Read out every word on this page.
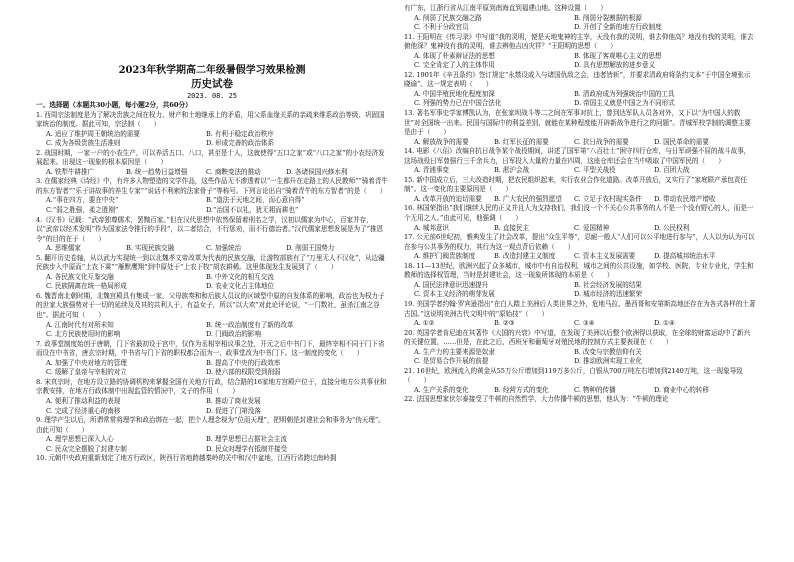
2023年秋学期高二年级暑假学习效果检测
历史试卷
2023. 08. 25
一、选择题（本题共30小题，每小题2分，共60分）
1. 西周宗法制度是为了解决贵族之间在权力、财产和土地继承上的矛盾，用父系血缘关系的亲疏来维系政治等级、巩固国家统治的制度。据此可知，宗法制（　　）
A. 适应了维护周王朝统治的需要	B. 有利于稳定政治秩序
C. 成为各级贵族生活准则	D. 形成完善的政治体系
2. 战国时期，一家一户的小农生产，可以养活五口、八口，甚至是十人，这就使得“五口之家”或“八口之家”的小农经济发展起来。出现这一现象的根本原因是（　　）
A. 铁犁牛耕推广	B. 统一趋势日益增强	C. 商鞅变法的推动	D. 各诸侯国兴修水利
3. 在儒家经典《诗经》中，有许多人物塑造的文学作品，这些作品无不渗透着以“一生都升在走路上的人民教师”“骑着青牛的东方智者”“乐于讲故事的养生专家”“说话不利索的法家骨子”等称号。下列言论出自“骑着青牛的东方智者”的是（　　）
A.“事在四方，要在中央”	B.“道法于天地之间，而心意自得”
C.“弱之胜强，柔之胜刚”	D.“治国不以礼，犹无耜而耕也”
4.《汉书》记载：“武帝独尊儒术，罢黜百家。”但在汉代思想中依然保留着刑名之学，汉初以儒家为中心，百家并存，以“武帝以经术发明”作为国家法令推行的手段”，以二者结合，不行惩劝，而不行德治者。”汉代儒家思想发展是为了“推恩令”的目的在于（　　）
A. 思维儒家	B. 实现民族交融	C. 加强统治	D. 削弱王国势力
5. 翻开历史卷轴，从以武力实现统一到以北魏孝文帝改革为代表的民族交融，让游牧部族有了“万里无人不汉化”，从边疆民族步入中原而“上农下乘”“雁默鹰翔”到中原处于“上农下牧”胡农耕稀。这里体现发生发展到了（　　）
A. 各民族文化互鉴交融	B. 中外文化的相互交流
C. 民族隔离在统一格局形成	D. 农业文化占主体地位
6. 魏晋南北朝时期，北魏宫殿具有集成一家，父母族奏和和后族人员议的区域型中原的自发体系的影响，政治也为权力子的世家大族强势对于一切的延续及及其的共利人于，有益女子，所以“以大欢”对此论评论说，“一门数社，虽杀江南之谷也”。据此可知（　　）
A. 江南时代有对所未知	B. 统一政治制度有了新的改革
C. 北方民族使用时的影响	D. 门阀政治的影响
7. 政事堂制度始创于唐朝，门下省最初设于宫中，仅作为丞相宰相议事之处，开元之后中书门下，最终宰相不同于门下省而设在中书省，唐玄宗时期，中书省与门下省的职权都合而为一，政事堂改为中书门下。这一制度的变化（　　）
A. 加强了中央对地方的管理	B. 提高了中央的行政效率
C. 缓解了皇帝与宰相的对立	D. 使六部的权限受到削弱
8. 宋真宗时，在地方设立路的协调机构来掌握全国有关地方行政，结合路的16家地方宫殿户位于，直接分地方公共事业和宗教安排，在地方行政体制中出现监管的情况中，文子的作用（　　）
A. 便利了推动利益的表现	B. 推动了商业发展
C. 完成了经济重心的南移	D. 促进了门第没落
9. 理学产生以后，所谓常常将理学和政治绑在一起，把个人理念视为“位而天理”，把明朝是封建社会和事务为“伪天理”。由此可知（　　）
A. 理学思想已深入人心	B. 理学思想已占据社会主流
C. 民众完全摆脱了封建专制	D. 民众对理学有抵制并接受
10. 元朝中央政府重新划定了地方行政区，陕西行省地跨越秦岭的关中和汉中盆地，江西行省跨过南岭拥
有广东，江浙行省从江南平原到南海直到福建山地。这种设置（　　）
A. 削弱了民族交融之路	B. 削弱分裂割据的根源
C. 不利于分政官员	D. 开创了全新的地方行政制度
11. 王阳明在《传习录》中写道“我的灵明，便是天地鬼神的主宰，天没有我的灵明，谁去仰他高？地没有我的灵明，谁去俯他深？鬼神没有我的灵明，谁去辨他吉凶灾祥？”王阳明的思想（　　）
A. 体现了朴素辩证法的思想	B. 体现了客观唯心主义的思想
C. 完全肯定了人的主体作用	D. 具有思想解放的进步意义
12. 1901年《辛丑条约》签订规定“永禁设或入与诸国仇敌之会，违者皆斩”，并要求清政府将条约文本“于中国全境张示晓谕”。这一规定表明（　　）
A. 中国半殖民地化程度加深	B. 清政府成为列强统治中国的工具
C. 列强的势力已在中国合法化	D. 帝国主义就是中国之为不同形式
13. 著名军事史学家傅凯认为，在张家坝战斗等二之间在军事对抗上，曾到达军队人员各对外，又下以“为中国人的救世”对全国统一出来。民国与国际中的利益差别，就能在某种程度能开辟新战争进行之的问题”。青城军校学制的调整主要是由于（　　）
A. 解放战争的需要	B. 红军长征的需要	C. 抗日战争的需要	D. 国民革命的需要
14. 电影《八佰》改编自抗日战争某个战役期间，讲述了国军第“八百壮士”困守四行仓库，与日军顽强不屈的战斗故事，这场战役日军曾强行三千余兵力，日军投入大量的力量在四周，这座仓库还会在当中吸取了中国军民的（　　）
A. 青浦事变	B. 淞沪会战	C. 平型关战役	D. 百团大战
15. 新中国成立后，三大改造时期，把农民组织起来，实行农业合作化道路。改革开放后，又实行了“家庭联产承包责任制”。这一变化的主要原因是（　　）
A. 改革开放的迫切需要	B. 广大农民的强烈愿望	C. 立足于农村现实条件	D. 带动农民增产增收
16. 林国荣指出“我们继续人民的正义并且人为支持我们，我们没一个不关心公共事务的人不是一个没有野心的人，而是一个无用之人。”由此可见，他强调（　　）
A. 城邦意识	B. 直接民主	C. 爱国精神	D. 公民权利
17. 公元前6世纪初，雅典发生了社会改革，提出“众生平等”，忍耐一般人“人们可以公平地进行参与”，人人以为认为可以在参与公共事务的权力，其行为这一观点背后依赖（　　）
A. 维护门阀贵族制度	B. 改造封建主义制度	C. 资本主义发展需要	D. 提高城邦统治水平
18. 11—13世纪，欧洲兴起了众多城市，城市中有自治权利，城市之间的公共设施，如学校、医院，专业专业化，学生和教师的选择权管理，当时是封建社会，这一现象所体现的本质是（　　）
A. 国民法律意识迅速提升	B. 社会经济发展的结果
C. 资本主义经济的萌芽发展	D. 城市经济的迅速繁荣
19. 美国学者约翰·罗宾逊指出“在白人踏上美洲后人类世界之外，危地马拉、墨西哥和安第斯高地还存在为各式各样的土著古国。”这说明美洲古代文明中的“原始技”（　　）
A. ①②	B. ②③	C. ③④	D. ①④
20. 英国学者肯尼迪在其著作《大国的兴衰》中写道，在发现了美洲以后整个欧洲得以获取，在全球的财富运动中了新兴的关键位置，……但是，在此之后，西班牙和葡萄牙对殖民地的控制方式主要表现在（　　）
A. 生产力的主要来源是奴隶	B. 改变与宗教信仰有关
C. 是贸易合作开展的前提	D. 推动欧洲实现工业化
21. 16世纪，欧洲流入的黄金从55万公斤增加到119万多公斤，白银从700万吨左右增加到2140万吨，这一现象导致（　　）
A. 生产关系的变化	B. 经营方式的变化	C. 物种的传播	D. 商业中心的转移
22. 法国思想家伏尔泰接受了牛顿的自然哲学，大力传播牛顿的思想，他认为：“牛顿的理论
